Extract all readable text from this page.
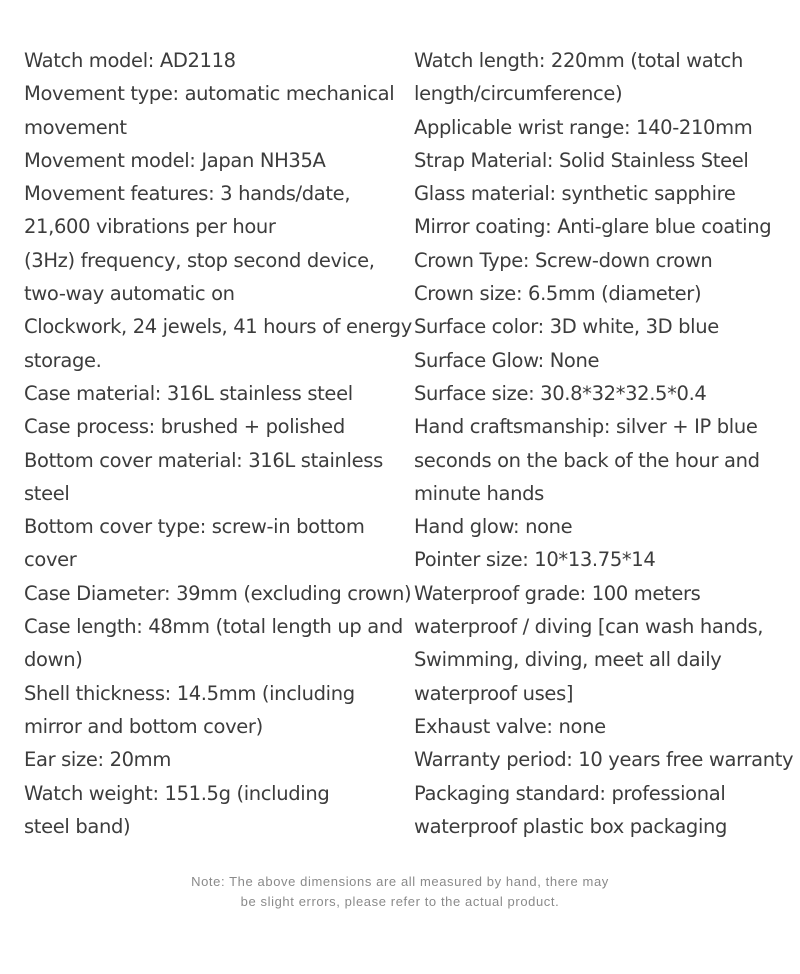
Watch model: AD2118
Movement type: automatic mechanical
movement
Movement model: Japan NH35A
Movement features: 3 hands/date,
21,600 vibrations per hour
(3Hz) frequency, stop second device,
two-way automatic on
Clockwork, 24 jewels, 41 hours of energy
storage.
Case material: 316L stainless steel
Case process: brushed + polished
Bottom cover material: 316L stainless
steel
Bottom cover type: screw-in bottom
cover
Case Diameter: 39mm (excluding crown)
Case length: 48mm (total length up and
down)
Shell thickness: 14.5mm (including
mirror and bottom cover)
Ear size: 20mm
Watch weight: 151.5g (including
steel band)
Watch length: 220mm (total watch
length/circumference)
Applicable wrist range: 140-210mm
Strap Material: Solid Stainless Steel
Glass material: synthetic sapphire
Mirror coating: Anti-glare blue coating
Crown Type: Screw-down crown
Crown size: 6.5mm (diameter)
Surface color: 3D white, 3D blue
Surface Glow: None
Surface size: 30.8*32*32.5*0.4
Hand craftsmanship: silver + IP blue
seconds on the back of the hour and
minute hands
Hand glow: none
Pointer size: 10*13.75*14
Waterproof grade: 100 meters
waterproof / diving [can wash hands,
Swimming, diving, meet all daily
waterproof uses]
Exhaust valve: none
Warranty period: 10 years free warranty
Packaging standard: professional
waterproof plastic box packaging

Note: The above dimensions are all measured by hand, there may

be slight errors, please refer to the actual product.
